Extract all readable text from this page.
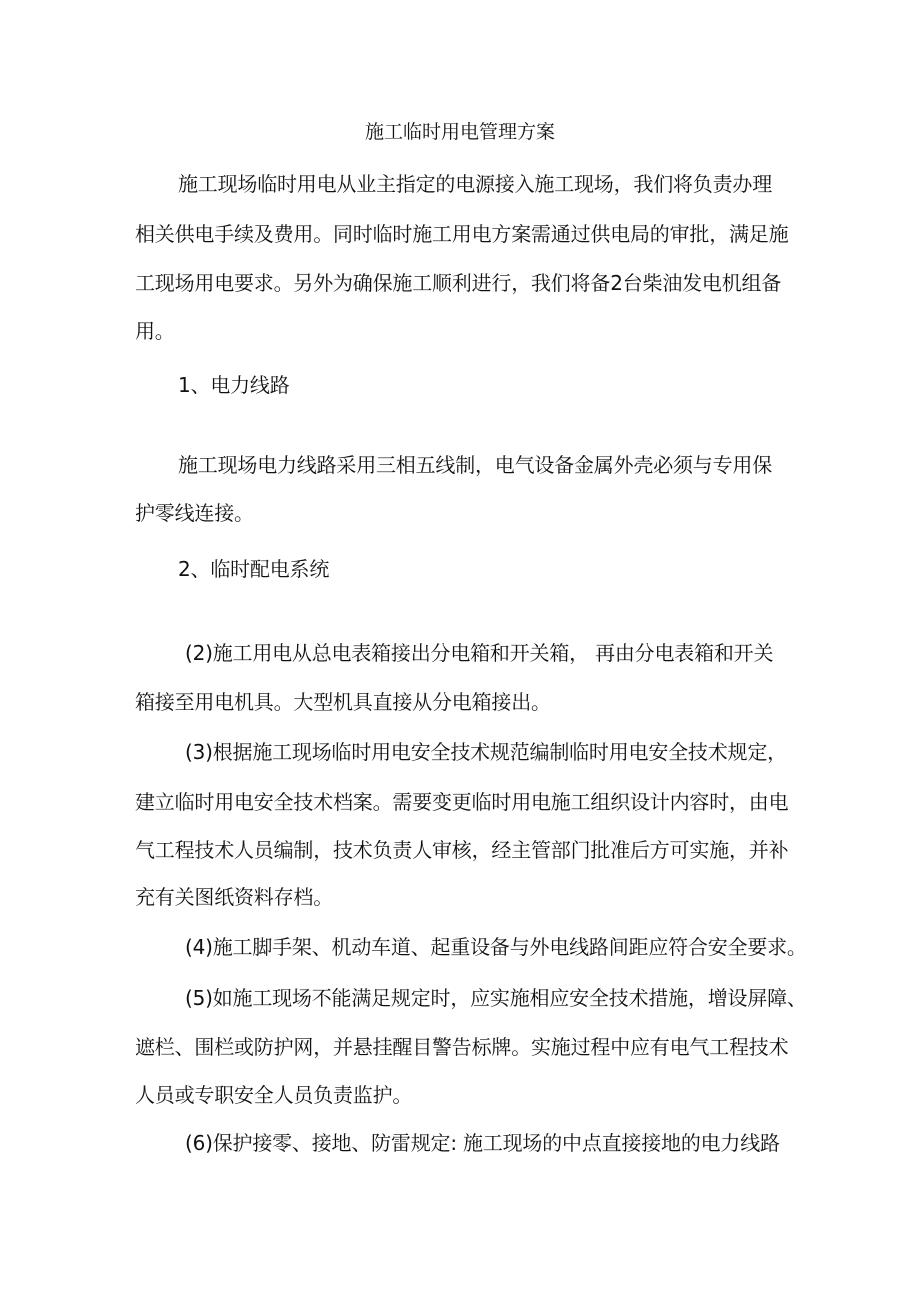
施工临时用电管理方案
施工现场临时用电从业主指定的电源接入施工现场，我们将负责办理
相关供电手续及费用。同时临时施工用电方案需通过供电局的审批，满足施
工现场用电要求。另外为确保施工顺利进行，我们将备2台柴油发电机组备
用。
1、电力线路
施工现场电力线路采用三相五线制，电气设备金属外壳必须与专用保
护零线连接。
2、临时配电系统
(2)施工用电从总电表箱接出分电箱和开关箱， 再由分电表箱和开关
箱接至用电机具。大型机具直接从分电箱接出。
(3)根据施工现场临时用电安全技术规范编制临时用电安全技术规定，
建立临时用电安全技术档案。需要变更临时用电施工组织设计内容时，由电
气工程技术人员编制，技术负责人审核，经主管部门批准后方可实施，并补
充有关图纸资料存档。
(4)施工脚手架、机动车道、起重设备与外电线路间距应符合安全要求。
(5)如施工现场不能满足规定时，应实施相应安全技术措施，增设屏障、
遮栏、围栏或防护网，并悬挂醒目警告标牌。实施过程中应有电气工程技术
人员或专职安全人员负责监护。
(6)保护接零、接地、防雷规定: 施工现场的中点直接接地的电力线路
